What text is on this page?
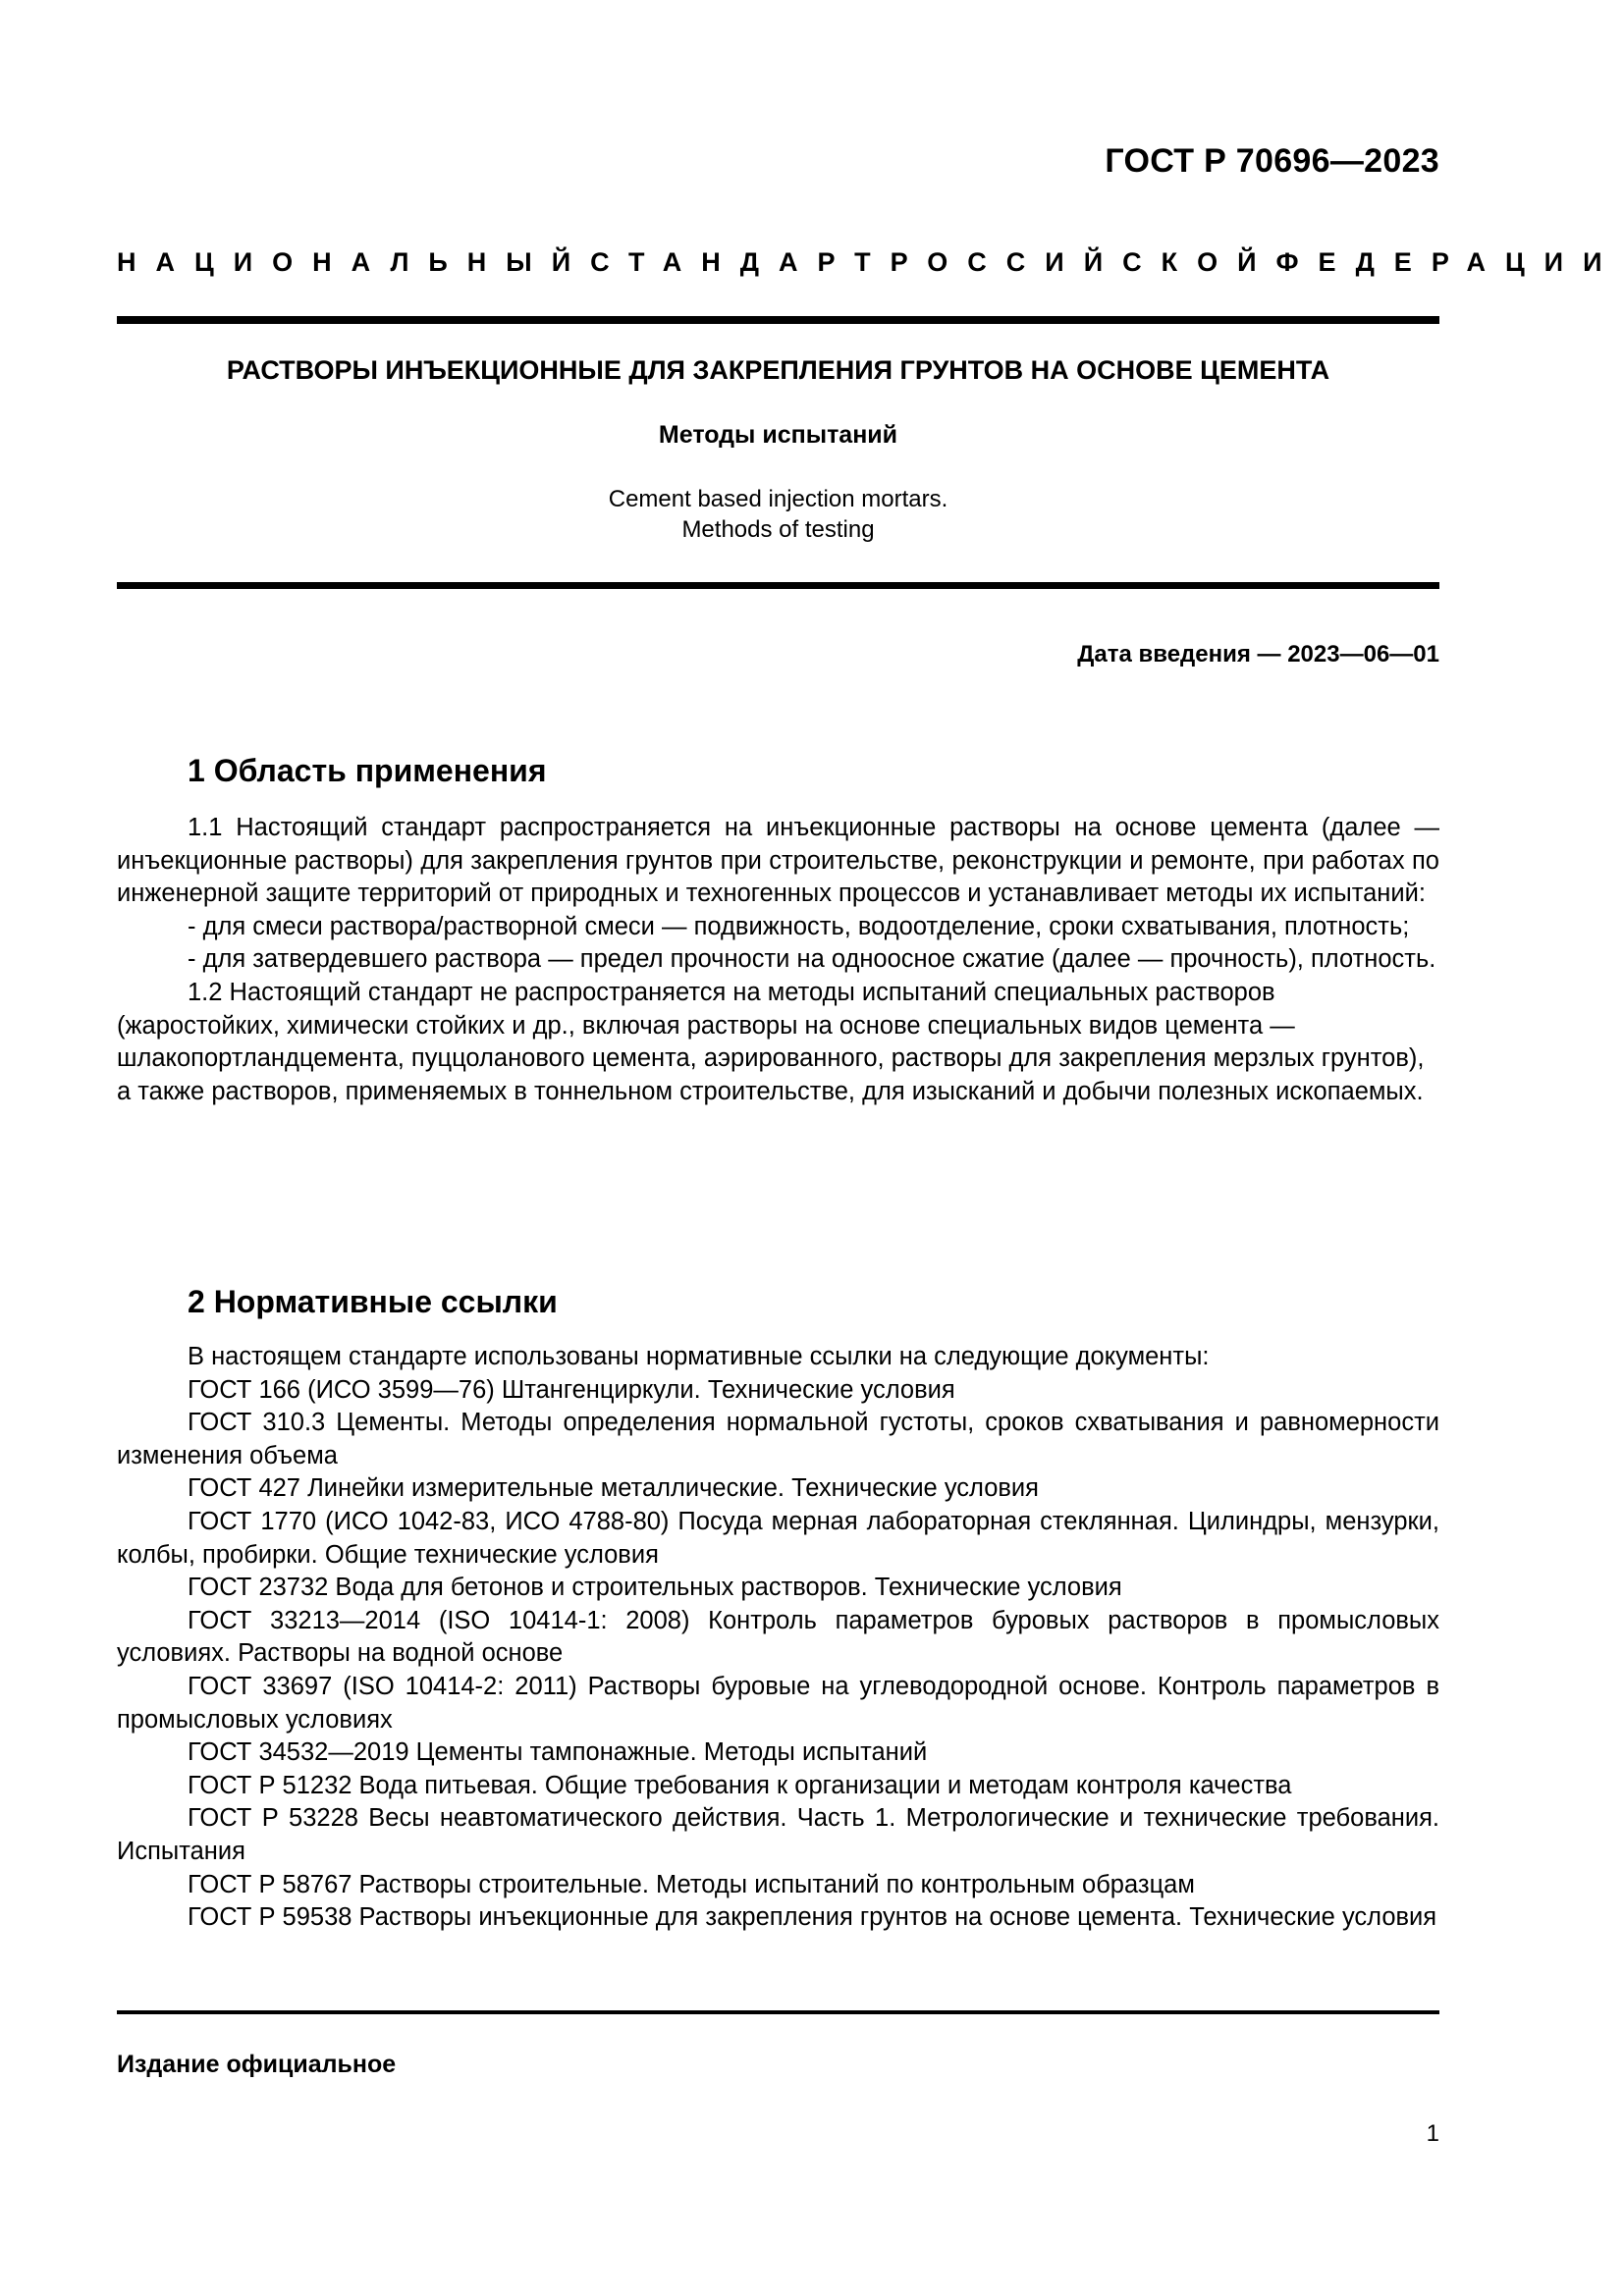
ГОСТ Р 70696—2023
НАЦИОНАЛЬНЫЙ СТАНДАРТ РОССИЙСКОЙ ФЕДЕРАЦИИ
РАСТВОРЫ ИНЪЕКЦИОННЫЕ ДЛЯ ЗАКРЕПЛЕНИЯ ГРУНТОВ НА ОСНОВЕ ЦЕМЕНТА
Методы испытаний
Cement based injection mortars.
Methods of testing
Дата введения — 2023—06—01
1 Область применения

1.1 Настоящий стандарт распространяется на инъекционные растворы на основе цемента (далее — инъекционные растворы) для закрепления грунтов при строительстве, реконструкции и ремонте, при работах по инженерной защите территорий от природных и техногенных процессов и устанавливает методы их испытаний:

- для смеси раствора/растворной смеси — подвижность, водоотделение, сроки схватывания, плотность;

- для затвердевшего раствора — предел прочности на одноосное сжатие (далее — прочность), плотность.

1.2 Настоящий стандарт не распространяется на методы испытаний специальных растворов (жаростойких, химически стойких и др., включая растворы на основе специальных видов цемента — шлакопортландцемента, пуццоланового цемента, аэрированного, растворы для закрепления мерзлых грунтов), а также растворов, применяемых в тоннельном строительстве, для изысканий и добычи полезных ископаемых.

2 Нормативные ссылки

В настоящем стандарте использованы нормативные ссылки на следующие документы:

ГОСТ 166 (ИСО 3599—76) Штангенциркули. Технические условия

ГОСТ 310.3 Цементы. Методы определения нормальной густоты, сроков схватывания и равномерности изменения объема

ГОСТ 427 Линейки измерительные металлические. Технические условия

ГОСТ 1770 (ИСО 1042-83, ИСО 4788-80) Посуда мерная лабораторная стеклянная. Цилиндры, мензурки, колбы, пробирки. Общие технические условия

ГОСТ 23732 Вода для бетонов и строительных растворов. Технические условия

ГОСТ 33213—2014 (ISO 10414-1: 2008) Контроль параметров буровых растворов в промысловых условиях. Растворы на водной основе

ГОСТ 33697 (ISO 10414-2: 2011) Растворы буровые на углеводородной основе. Контроль параметров в промысловых условиях

ГОСТ 34532—2019 Цементы тампонажные. Методы испытаний

ГОСТ Р 51232 Вода питьевая. Общие требования к организации и методам контроля качества

ГОСТ Р 53228 Весы неавтоматического действия. Часть 1. Метрологические и технические требования. Испытания

ГОСТ Р 58767 Растворы строительные. Методы испытаний по контрольным образцам

ГОСТ Р 59538 Растворы инъекционные для закрепления грунтов на основе цемента. Технические условия

Издание официальное
1
